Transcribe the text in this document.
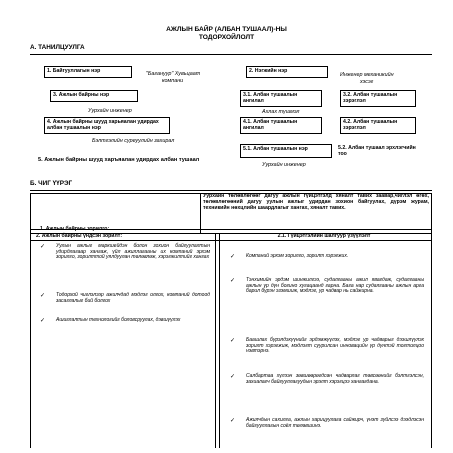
АЖЛЫН БАЙР (АЛБАН ТУШААЛ)-НЫ
ТОДОРХОЙЛОЛТ
А. ТАНИЛЦУУЛГА
1. Байгууллагын нэр	"Багануур" Хувьцаат
компани
2. Нэгжийн нэр
Инженер механикийн
хэсэг
3. Ажлын байрны нэр
Уурхайн инженер
3.1. Албан тушаалын ангилал
Ахлах түшмэл
3.2. Албан тушаалын зэрэглэл
4. Ажлын байрны шууд харьяалан удирдах албан тушаалын нэр
Бэлтгэлийн суреуулийн захирал
4.1. Албан тушаалын ангилал
4.2. Албан тушаалын зэрэглэл
5. Ажлын байрны шууд харъяалан удирдах албан тушаал
5.1. Албан тушаалын нэр
Уурхайн инженер
5.2. Албан тушаал эрхлэгчийн тоо
Б. ЧИГ ҮҮРЭГ
1. Ажлын байрны зорилго:
Уурхайн төлөвлөгөөг дагуу ажлын гүйцэтгэлд хяналт тавих заавар,чиглэл өгөх, төлөвлөгөөний дагуу уулын ажлыг удирдан зохион байгуулах, дүрэм журам, техникийн нөхцлийн шаардлагыг хангах, хяналт тавих.
2. Ажлын байрны үндсэн зорилт:	2.1. Гүйцэтгэлийн шалгуур үзүүлэлт
✓ Уулын ажлыг маркшейдэн болон зохион байгуулалтын удирдлагаар хангаж, үйл ажиллагааны их компаний эрхэм зорилго, зорилттой уялдуулан төлөвлөж, хэрэгжилтийг хангах
✓ Тодорхой чиглэлээр ажилчдад мэдлэг олгох, компаний дотоод засаглалыг бий болгох
✓ Ашиглалтын технологийг боловсруулах, дэвшүүлэх
✓ Компаний эрхэм зорилго, зорилт хэрэгжих.
✓ Тэнхимийн эрдэм шинжилгээ, судалгааны ажил явагдаж, судалгааны ажлын үр дүн богино хугацаанд гарна. Бага нар судалгааны ажлын арга барил бүрэн эзэмшиж, мэдлэг, ур чадвар нь сайжирна.
✓ Баашлах бүрэлдэхүүнийг эрдэмжүүлэх, мэдлэг ур чадварыг дээшлүүлэх зорилт хэрэгжиж, мэдлэгт суурилсан инновацийн үр дүнтэй тогтолцоо нэвтэрнэ.
✓ Салбартаа хүлээн зөвшөөрөгдсөн чадварлаг төвсөөнийг бэлтгэлсэн, захиалагч байгууллагуудын эрэлт хэрэгцээ хангагдана.
✓ Ажилчдын сахилга, ажлын харицуулага сайжирч, үнэт зүйлсээ дээдлэсэн байгууллагын соёл төлөвшинэ.
